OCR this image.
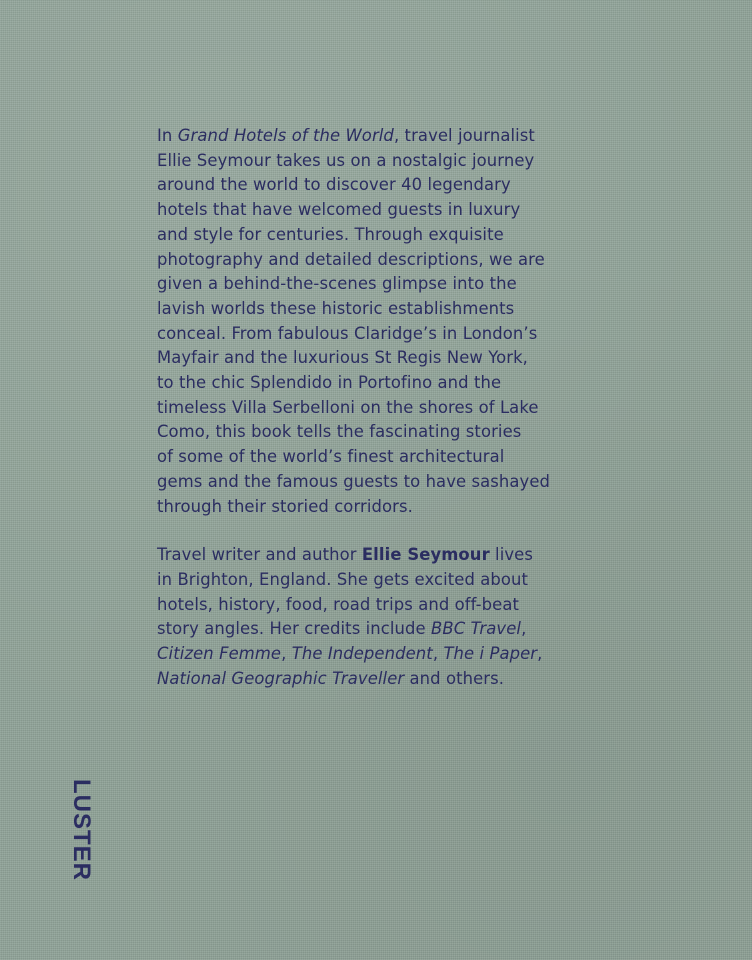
In Grand Hotels of the World, travel journalist
Ellie Seymour takes us on a nostalgic journey
around the world to discover 40 legendary
hotels that have welcomed guests in luxury
and style for centuries. Through exquisite
photography and detailed descriptions, we are
given a behind-the-scenes glimpse into the
lavish worlds these historic establishments
conceal. From fabulous Claridge’s in London’s
Mayfair and the luxurious St Regis New York,
to the chic Splendido in Portofino and the
timeless Villa Serbelloni on the shores of Lake
Como, this book tells the fascinating stories
of some of the world’s finest architectural
gems and the famous guests to have sashayed
through their storied corridors.

Travel writer and author Ellie Seymour lives
in Brighton, England. She gets excited about
hotels, history, food, road trips and off-beat
story angles. Her credits include BBC Travel,
Citizen Femme, The Independent, The i Paper,
National Geographic Traveller and others.

LUSTER
